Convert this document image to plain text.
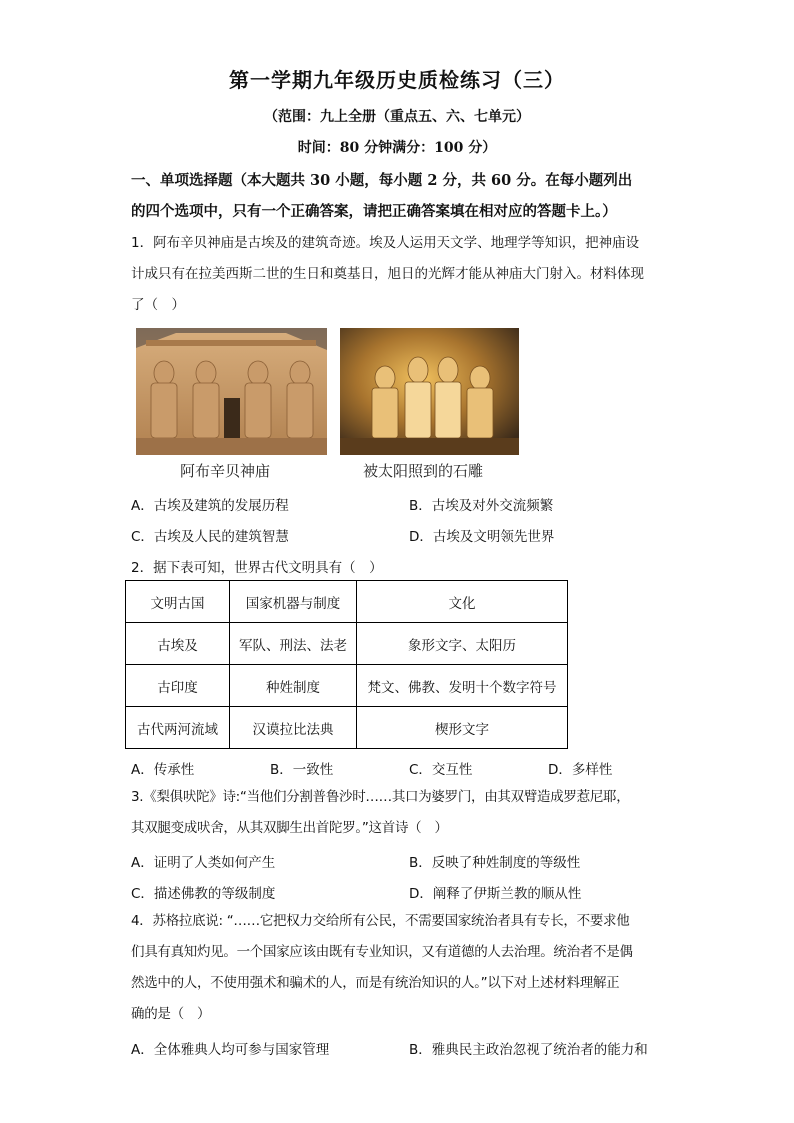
第一学期九年级历史质检练习（三）
（范围：九上全册（重点五、六、七单元）
时间：80 分钟满分：100 分）
一、单项选择题（本大题共 30 小题，每小题 2 分，共 60 分。在每小题列出
的四个选项中，只有一个正确答案，请把正确答案填在相对应的答题卡上。）
1．阿布辛贝神庙是古埃及的建筑奇迹。埃及人运用天文学、地理学等知识，把神庙设
计成只有在拉美西斯二世的生日和奠基日，旭日的光辉才能从神庙大门射入。材料体现
了（　）
阿布辛贝神庙	被太阳照到的石雕
A．古埃及建筑的发展历程	B．古埃及对外交流频繁
C．古埃及人民的建筑智慧	D．古埃及文明领先世界
2．据下表可知，世界古代文明具有（　）
文明古国	国家机器与制度	文化
古埃及	军队、刑法、法老	象形文字、太阳历
古印度	种姓制度	梵文、佛教、发明十个数字符号
古代两河流域	汉谟拉比法典	楔形文字
A．传承性	B．一致性	C．交互性	D．多样性
3.《梨俱吠陀》诗:“当他们分割普鲁沙时……其口为婆罗门，由其双臂造成罗惹尼耶，
其双腿变成吠舍，从其双脚生出首陀罗。”这首诗（　）
A．证明了人类如何产生	B．反映了种姓制度的等级性
C．描述佛教的等级制度	D．阐释了伊斯兰教的顺从性
4．苏格拉底说: “……它把权力交给所有公民，不需要国家统治者具有专长，不要求他
们具有真知灼见。一个国家应该由既有专业知识，又有道德的人去治理。统治者不是偶
然选中的人，不使用强术和骗术的人，而是有统治知识的人。”以下对上述材料理解正
确的是（　）
A．全体雅典人均可参与国家管理	B．雅典民主政治忽视了统治者的能力和
